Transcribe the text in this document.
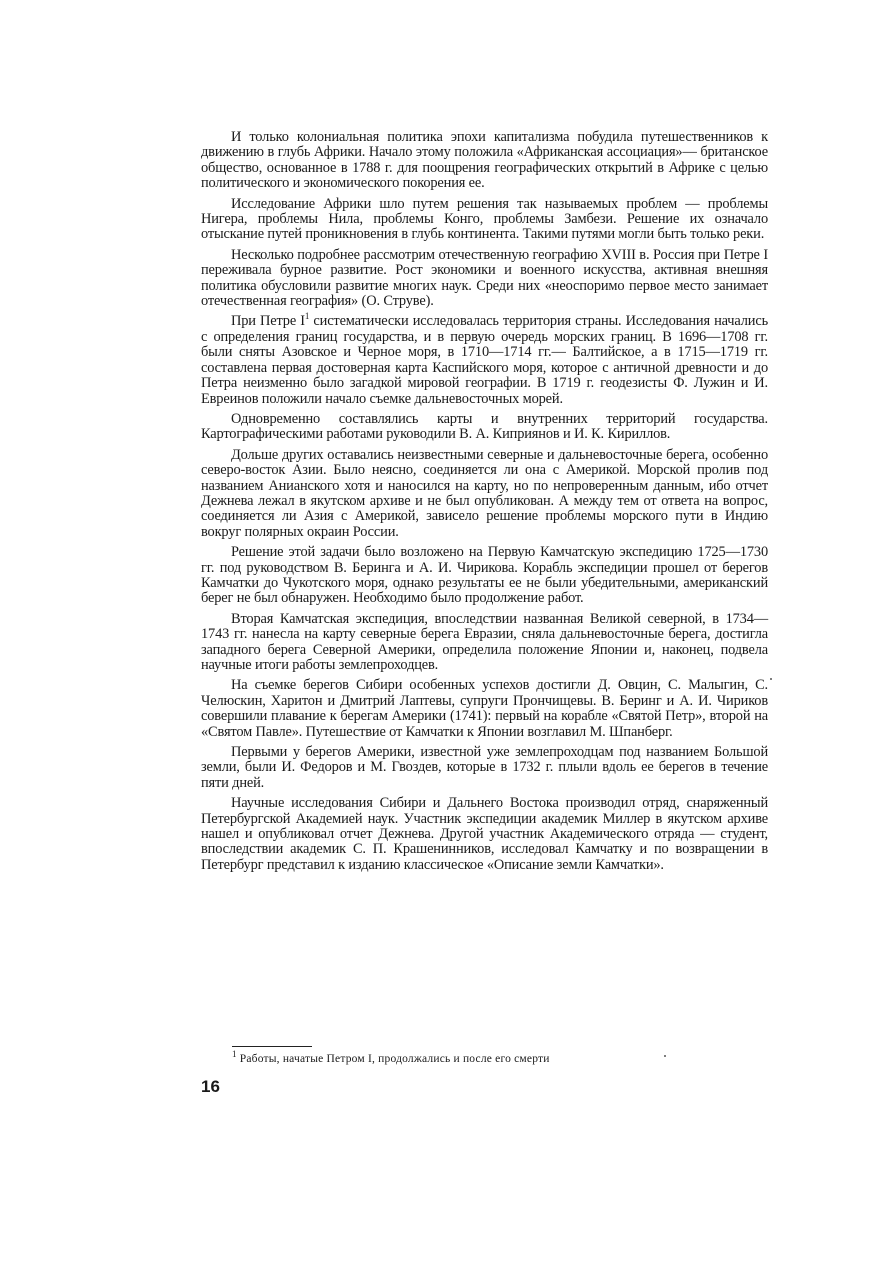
И только колониальная политика эпохи капитализма побудила путешественников к движению в глубь Африки. Начало этому положила «Африканская ассоциация»— британское общество, основанное в 1788 г. для поощрения географических открытий в Африке с целью политического и экономического покорения ее.

Исследование Африки шло путем решения так называемых проблем — проблемы Нигера, проблемы Нила, проблемы Конго, проблемы Замбези. Решение их означало отыскание путей проникновения в глубь континента. Такими путями могли быть только реки.

Несколько подробнее рассмотрим отечественную географию XVIII в. Россия при Петре I переживала бурное развитие. Рост экономики и военного искусства, активная внешняя политика обусловили развитие многих наук. Среди них «неоспоримо первое место занимает отечественная география» (О. Струве).

При Петре $I^1$ систематически исследовалась территория страны. Исследования начались с определения границ государства, и в первую очередь морских границ. В 1696—1708 гг. были сняты Азовское и Черное моря, в 1710—1714 гг.— Балтийское, а в 1715—1719 гг. составлена первая достоверная карта Каспийского моря, которое с античной древности и до Петра неизменно было загадкой мировой географии. В 1719 г. геодезисты Ф. Лужин и И. Евреинов положили начало съемке дальневосточных морей.

Одновременно составлялись карты и внутренних территорий государства. Картографическими работами руководили В. А. Киприянов и И. К. Кириллов.

Дольше других оставались неизвестными северные и дальневосточные берега, особенно северо-восток Азии. Было неясно, соединяется ли она с Америкой. Морской пролив под названием Анианского хотя и наносился на карту, но по непроверенным данным, ибо отчет Дежнева лежал в якутском архиве и не был опубликован. А между тем от ответа на вопрос, соединяется ли Азия с Америкой, зависело решение проблемы морского пути в Индию вокруг полярных окраин России.

Решение этой задачи было возложено на Первую Камчатскую экспедицию 1725—1730 гг. под руководством В. Беринга и А. И. Чирикова. Корабль экспедиции прошел от берегов Камчатки до Чукотского моря, однако результаты ее не были убедительными, американский берег не был обнаружен. Необходимо было продолжение работ.

Вторая Камчатская экспедиция, впоследствии названная Великой северной, в 1734—1743 гг. нанесла на карту северные берега Евразии, сняла дальневосточные берега, достигла западного берега Северной Америки, определила положение Японии и, наконец, подвела научные итоги работы землепроходцев.

На съемке берегов Сибири особенных успехов достигли Д. Овцин, С. Малыгин, С. Челюскин, Харитон и Дмитрий Лаптевы, супруги Прончищевы. В. Беринг и А. И. Чириков совершили плавание к берегам Америки (1741): первый на корабле «Святой Петр», второй на «Святом Павле». Путешествие от Камчатки к Японии возглавил М. Шпанберг.

Первыми у берегов Америки, известной уже землепроходцам под названием Большой земли, были И. Федоров и М. Гвоздев, которые в 1732 г. плыли вдоль ее берегов в течение пяти дней.

Научные исследования Сибири и Дальнего Востока производил отряд, снаряженный Петербургской Академией наук. Участник экспедиции академик Миллер в якутском архиве нашел и опубликовал отчет Дежнева. Другой участник Академического отряда — студент, впоследствии академик С. П. Крашенинников, исследовал Камчатку и по возвращении в Петербург представил к изданию классическое «Описание земли Камчатки».

$^1$ Работы, начатые Петром I, продолжались и после его смерти
16
